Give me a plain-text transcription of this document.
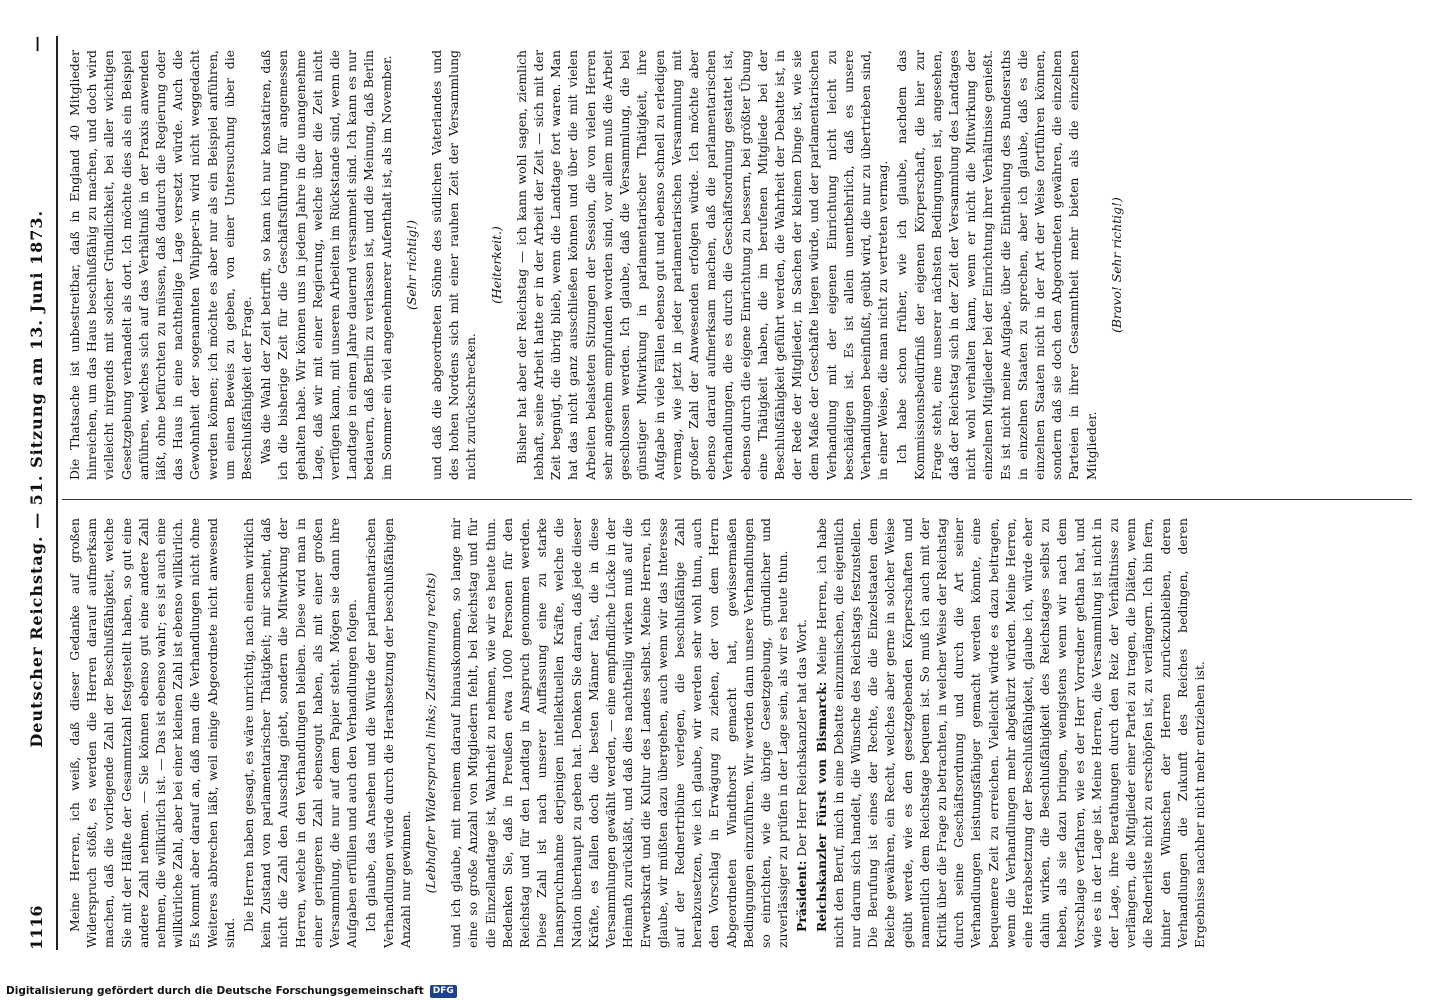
1116
Deutscher Reichstag. — 51. Sitzung am 13. Juni 1873.
—

Meine Herren, ich weiß, daß dieser Gedanke auf großen Widerspruch stößt, es werden die Herren darauf aufmerksam machen, daß die vorliegende Zahl der Beschlußfähigkeit, welche Sie mit der Hälfte der Gesammtzahl festgestellt haben, so gut eine andere Zahl nehmen. — Sie können ebenso gut eine andere Zahl nehmen, die willkürlich ist. — Das ist ebenso wahr; es ist auch eine willkürliche Zahl, aber bei einer kleinen Zahl ist ebenso willkürlich. Es kommt aber darauf an, daß man die Verhandlungen nicht ohne Weiteres abbrechen läßt, weil einige Abgeordnete nicht anwesend sind.

Die Herren haben gesagt, es wäre unrichtig, nach einem wirklich kein Zustand von parlamentarischer Thätigkeit; mir scheint, daß nicht die Zahl den Ausschlag giebt, sondern die Mitwirkung der Herren, welche in den Verhandlungen bleiben. Diese wird man in einer geringeren Zahl ebensogut haben, als mit einer großen Versammlung, die nur auf dem Papier steht. Mögen sie dann ihre Aufgaben erfüllen und auch den Verhandlungen folgen. Ich glaube, das Ansehen und die Würde der parlamentarischen Verhandlungen würde durch die Herabsetzung der beschlußfähigen Anzahl nur gewinnen. (Lebhafter Widerspruch links; Zustimmung rechts) und ich glaube, mit meinem darauf hinauskommen, so lange mir eine so große Anzahl von Mitgliedern fehlt, bei Reichstag und für die Einzellandtage ist, Wahrheit zu nehmen, wie wir es heute thun. Bedenken Sie, daß in Preußen etwa 1000 Personen für den Reichstag und für den Landtag in Anspruch genommen werden. Diese Zahl ist nach unserer Auffassung eine zu starke Inanspruchnahme derjenigen intellektuellen Kräfte, welche die Nation überhaupt zu geben hat. Denken Sie daran, daß jede dieser Kräfte, es fallen doch die besten Männer fast, die in diese Versammlungen gewählt werden, — eine empfindliche Lücke in der Heimath zurückläßt, und daß dies nachtheilig wirken muß auf die Erwerbskraft und die Kultur des Landes selbst. Meine Herren, ich glaube, wir müßten dazu übergehen, auch wenn wir das Interesse auf der Rednertribüne verlegen, die beschlußfähige Zahl herabzusetzen, wie ich glaube, wir werden sehr wohl thun, auch den Vorschlag in Erwägung zu ziehen, der von dem Herrn Abgeordneten Windthorst gemacht hat, gewissermaßen Bedingungen einzuführen. Wir werden dann unsere Verhandlungen so einrichten, wie die übrige Gesetzgebung, gründlicher und zuverlässiger zu prüfen in der Lage sein, als wir es heute thun. Präsident: Der Herr Reichskanzler hat das Wort. Reichskanzler Fürst von Bismarck: Meine Herren, ich habe nicht den Beruf, mich in eine Debatte einzumischen, die eigentlich nur darum sich handelt, die Wünsche des Reichstags festzustellen. Die Berufung ist eines der Rechte, die die Einzelstaaten dem Reiche gewähren, ein Recht, welches aber gerne in solcher Weise geübt werde, wie es den gesetzgebenden Körperschaften und namentlich dem Reichstage bequem ist. So muß ich auch mit der Kritik über die Frage zu betrachten, in welcher Weise der Reichstag durch seine Geschäftsordnung und durch die Art seiner Verhandlungen leistungsfähiger gemacht werden könnte, eine bequemere Zeit zu erreichen. Vielleicht würde es dazu beitragen, wenn die Verhandlungen mehr abgekürzt würden. Meine Herren, eine Herabsetzung der Beschlußfähigkeit, glaube ich, würde eher dahin wirken, die Beschlußfähigkeit des Reichstages selbst zu heben, als sie dazu bringen, wenigstens wenn wir nach dem Vorschlage verfahren, wie es der Herr Vorredner gethan hat, und wie es in der Lage ist. Meine Herren, die Versammlung ist nicht in der Lage, ihre Berathungen durch den Reiz der Verhältnisse zu verlängern, die Mitglieder einer Partei zu tragen, die Diäten, wenn die Rednerliste nicht zu erschöpfen ist, zu verlängern. Ich bin fern, hinter den Wünschen der Herren zurückzubleiben, deren Verhandlungen die Zukunft des Reiches bedingen, deren Ergebnisse nachher nicht mehr entziehen ist.

Die Thatsache ist unbestreitbar, daß in England 40 Mitglieder hinreichen, um das Haus beschlußfähig zu machen, und doch wird vielleicht nirgends mit solcher Gründlichkeit, bei aller wichtigen Gesetzgebung verhandelt als dort. Ich möchte dies als ein Beispiel anführen, welches sich auf das Verhältniß in der Praxis anwenden läßt, ohne befürchten zu müssen, daß dadurch die Regierung oder das Haus in eine nachtheilige Lage versetzt würde. Auch die Gewohnheit der sogenannten Whipper-in wird nicht weggedacht werden können; ich möchte es aber nur als ein Beispiel anführen, um einen Beweis zu geben, von einer Untersuchung über die Beschlußfähigkeit der Frage. Was die Wahl der Zeit betrifft, so kann ich nur konstatiren, daß ich die bisherige Zeit für die Geschäftsführung für angemessen gehalten habe. Wir können uns in jedem Jahre in die unangenehme Lage, daß wir mit einer Regierung, welche über die Zeit nicht verfügen kann, mit unseren Arbeiten im Rückstande sind, wenn die Landtage in einem Jahre dauernd versammelt sind. Ich kann es nur bedauern, daß Berlin zu verlassen ist, und die Meinung, daß Berlin im Sommer ein viel angenehmerer Aufenthalt ist, als im November. (Sehr richtig!) und daß die abgeordneten Söhne des südlichen Vaterlandes und des hohen Nordens sich mit einer rauhen Zeit der Versammlung nicht zurückschrecken.

(Heiterkeit.) Bisher hat aber der Reichstag — ich kann wohl sagen, ziemlich lebhaft, seine Arbeit hatte er in der Arbeit der Zeit — sich mit der Zeit begnügt, die übrig blieb, wenn die Landtage fort waren. Man hat das nicht ganz ausschließen können und über die mit vielen Arbeiten belasteten Sitzungen der Session, die von vielen Herren sehr angenehm empfunden worden sind, vor allem muß die Arbeit geschlossen werden. Ich glaube, daß die Versammlung, die bei günstiger Mitwirkung in parlamentarischer Thätigkeit, ihre Aufgabe in viele Fällen ebenso gut und ebenso schnell zu erledigen vermag, wie jetzt in jeder parlamentarischen Versammlung mit großer Zahl der Anwesenden erfolgen würde. Ich möchte aber ebenso darauf aufmerksam machen, daß die parlamentarischen Verhandlungen, die es durch die Geschäftsordnung gestattet ist, ebenso durch die eigene Einrichtung zu bessern, bei größter Übung eine Thätigkeit haben, die im berufenen Mitgliede bei der Beschlußfähigkeit geführt werden, die Wahrheit der Debatte ist, in der Rede der Mitglieder, in Sachen der kleinen Dinge ist, wie sie dem Maße der Geschäfte liegen würde, und der parlamentarischen Verhandlung mit der eigenen Einrichtung nicht leicht zu beschädigen ist. Es ist allein unentbehrlich, daß es unsere Verhandlungen beeinflußt, geübt wird, die nur zu übertrieben sind, in einer Weise, die man nicht zu vertreten vermag. Ich habe schon früher, wie ich glaube, nachdem das Kommissionsbedürfniß der eigenen Körperschaft, die hier zur Frage steht, eine unserer nächsten Bedingungen ist, angesehen, daß der Reichstag sich in der Zeit der Versammlung des Landtages nicht wohl verhalten kann, wenn er nicht die Mitwirkung der einzelnen Mitglieder bei der Einrichtung ihrer Verhältnisse genießt. Es ist nicht meine Aufgabe, über die Eintheilung des Bundesraths in einzelnen Staaten zu sprechen, aber ich glaube, daß es die einzelnen Staaten nicht in der Art der Weise fortführen können, sondern daß sie doch den Abgeordneten gewähren, die einzelnen Parteien in ihrer Gesammtheit mehr bieten als die einzelnen Mitglieder.

(Bravo! Sehr richtig!)

Digitalisierung gefördert durch die Deutsche Forschungsgemeinschaft	DFG
